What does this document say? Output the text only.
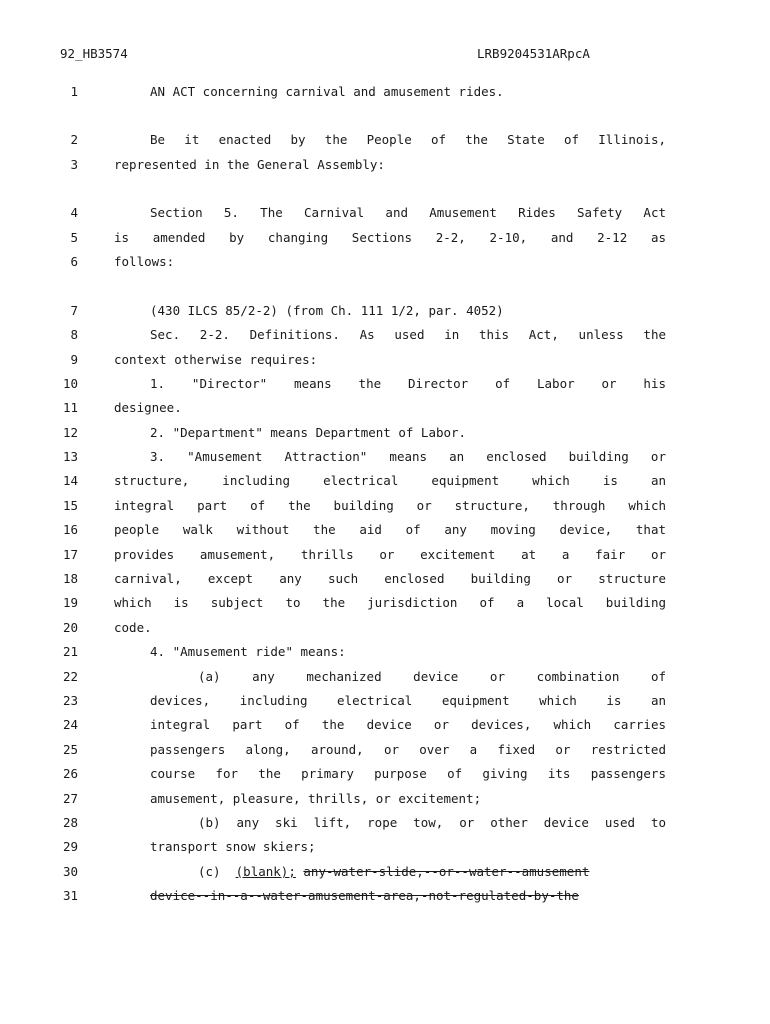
92_HB3574	LRB9204531ARpcA
1	AN ACT concerning carnival and amusement rides.
2	Be it enacted by the People of the State of Illinois,
3	represented in the General Assembly:
4	Section 5. The Carnival and Amusement Rides Safety Act
5	is amended by changing Sections 2-2, 2-10, and 2-12 as
6	follows:
7	(430 ILCS 85/2-2) (from Ch. 111 1/2, par. 4052)
8	Sec. 2-2. Definitions. As used in this Act, unless the
9	context otherwise requires:
10	1. "Director" means the Director of Labor or his
11	designee.
12	2. "Department" means Department of Labor.
13	3. "Amusement Attraction" means an enclosed building or
14	structure, including electrical equipment which is an
15	integral part of the building or structure, through which
16	people walk without the aid of any moving device, that
17	provides amusement, thrills or excitement at a fair or
18	carnival, except any such enclosed building or structure
19	which is subject to the jurisdiction of a local building
20	code.
21	4. "Amusement ride" means:
22	(a) any mechanized device or combination of
23	devices, including electrical equipment which is an
24	integral part of the device or devices, which carries
25	passengers along, around, or over a fixed or restricted
26	course for the primary purpose of giving its passengers
27	amusement, pleasure, thrills, or excitement;
28	(b) any ski lift, rope tow, or other device used to
29	transport snow skiers;
30	(c) (blank); any-water-slide,--or--water--amusement
31	device--in--a--water-amusement-area,-not-regulated-by-the
